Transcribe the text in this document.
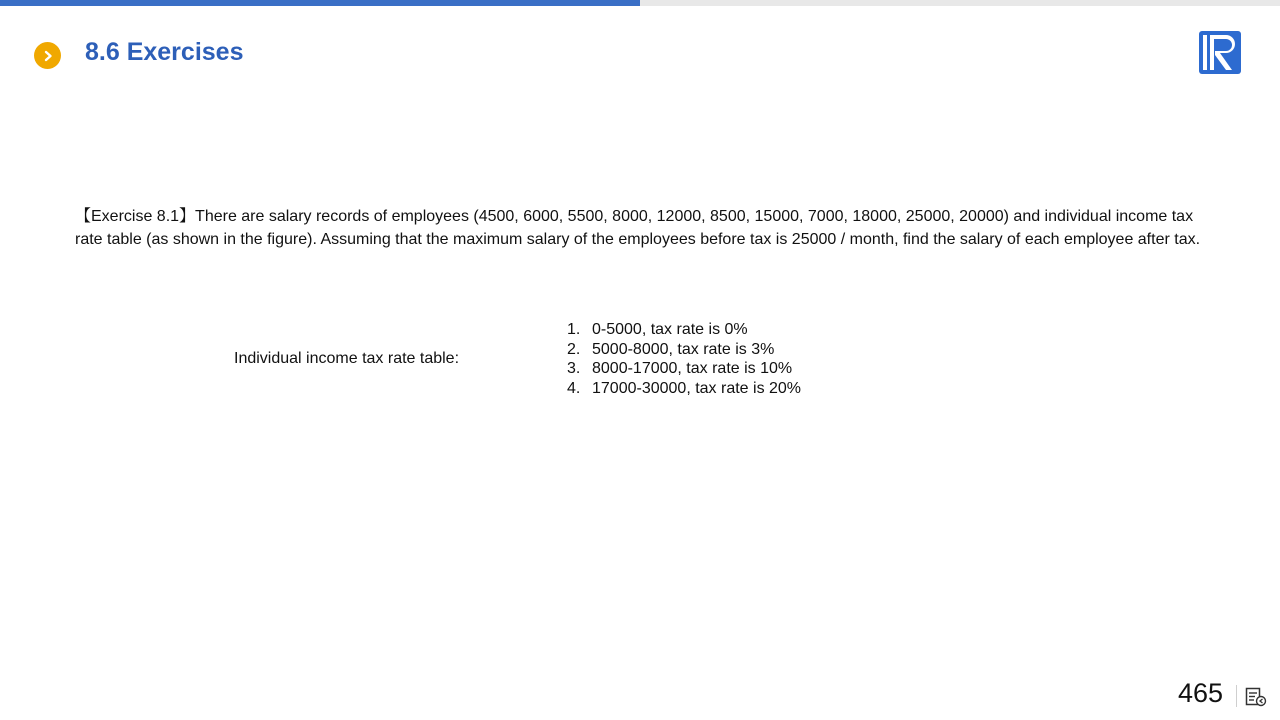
8.6 Exercises
【Exercise 8.1】There are salary records of employees (4500, 6000, 5500, 8000, 12000, 8500, 15000, 7000, 18000, 25000, 20000) and individual income tax rate table (as shown in the figure). Assuming that the maximum salary of the employees before tax is 25000 / month, find the salary of each employee after tax.
Individual income tax rate table:
1. 0-5000, tax rate is 0%
2. 5000-8000, tax rate is 3%
3. 8000-17000, tax rate is 10%
4. 17000-30000, tax rate is 20%
465
